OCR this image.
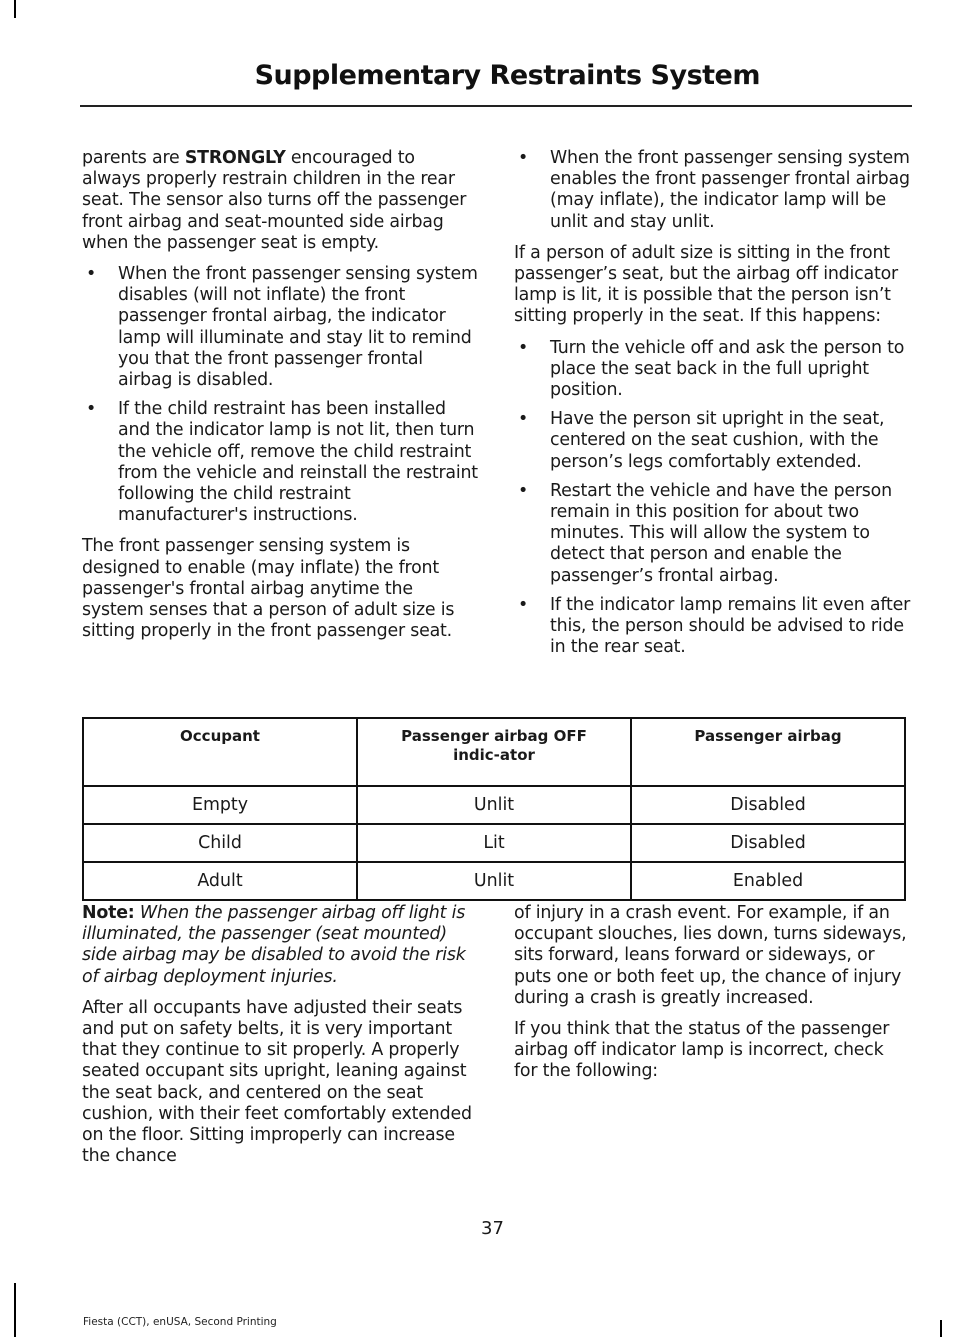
Supplementary Restraints System

parents are STRONGLY encouraged to always properly restrain children in the rear seat. The sensor also turns off the passenger front airbag and seat-mounted side airbag when the passenger seat is empty.

• When the front passenger sensing system disables (will not inflate) the front passenger frontal airbag, the indicator lamp will illuminate and stay lit to remind you that the front passenger frontal airbag is disabled.
• If the child restraint has been installed and the indicator lamp is not lit, then turn the vehicle off, remove the child restraint from the vehicle and reinstall the restraint following the child restraint manufacturer's instructions.

The front passenger sensing system is designed to enable (may inflate) the front passenger's frontal airbag anytime the system senses that a person of adult size is sitting properly in the front passenger seat.

• When the front passenger sensing system enables the front passenger frontal airbag (may inflate), the indicator lamp will be unlit and stay unlit.

If a person of adult size is sitting in the front passenger’s seat, but the airbag off indicator lamp is lit, it is possible that the person isn’t sitting properly in the seat. If this happens:

• Turn the vehicle off and ask the person to place the seat back in the full upright position.
• Have the person sit upright in the seat, centered on the seat cushion, with the person’s legs comfortably extended.
• Restart the vehicle and have the person remain in this position for about two minutes. This will allow the system to detect that person and enable the passenger’s frontal airbag.
• If the indicator lamp remains lit even after this, the person should be advised to ride in the rear seat.
Occupant	Passenger airbag OFF indic-ator	Passenger airbag
Empty	Unlit	Disabled
Child	Lit	Disabled
Adult	Unlit	Enabled

Note: When the passenger airbag off light is illuminated, the passenger (seat mounted) side airbag may be disabled to avoid the risk of airbag deployment injuries.

After all occupants have adjusted their seats and put on safety belts, it is very important that they continue to sit properly. A properly seated occupant sits upright, leaning against the seat back, and centered on the seat cushion, with their feet comfortably extended on the floor. Sitting improperly can increase the chance

of injury in a crash event. For example, if an occupant slouches, lies down, turns sideways, sits forward, leans forward or sideways, or puts one or both feet up, the chance of injury during a crash is greatly increased.

If you think that the status of the passenger airbag off indicator lamp is incorrect, check for the following:

37
Fiesta (CCT), enUSA, Second Printing
